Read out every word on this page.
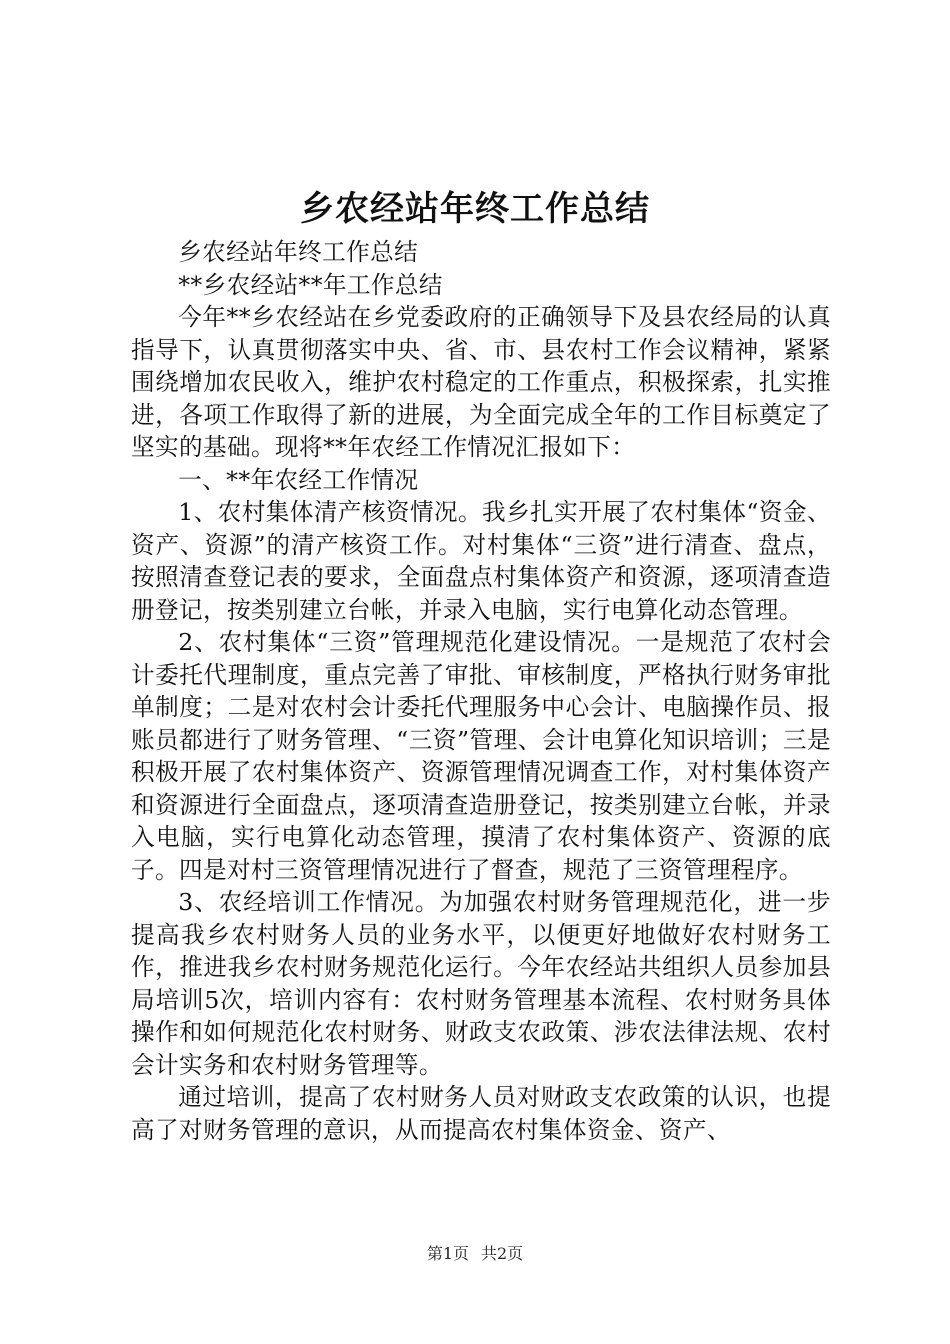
乡农经站年终工作总结

乡农经站年终工作总结

**乡农经站**年工作总结

今年**乡农经站在乡党委政府的正确领导下及县农经局的认真指导下，认真贯彻落实中央、省、市、县农村工作会议精神，紧紧围绕增加农民收入，维护农村稳定的工作重点，积极探索，扎实推进，各项工作取得了新的进展，为全面完成全年的工作目标奠定了坚实的基础。现将**年农经工作情况汇报如下：

一、**年农经工作情况

1、农村集体清产核资情况。我乡扎实开展了农村集体“资金、资产、资源”的清产核资工作。对村集体“三资”进行清查、盘点，按照清查登记表的要求，全面盘点村集体资产和资源，逐项清查造册登记，按类别建立台帐，并录入电脑，实行电算化动态管理。

2、农村集体“三资”管理规范化建设情况。一是规范了农村会计委托代理制度，重点完善了审批、审核制度，严格执行财务审批单制度；二是对农村会计委托代理服务中心会计、电脑操作员、报账员都进行了财务管理、“三资”管理、会计电算化知识培训；三是积极开展了农村集体资产、资源管理情况调查工作，对村集体资产和资源进行全面盘点，逐项清查造册登记，按类别建立台帐，并录入电脑，实行电算化动态管理，摸清了农村集体资产、资源的底子。四是对村三资管理情况进行了督查，规范了三资管理程序。

3、农经培训工作情况。为加强农村财务管理规范化，进一步提高我乡农村财务人员的业务水平，以便更好地做好农村财务工作，推进我乡农村财务规范化运行。今年农经站共组织人员参加县局培训5次，培训内容有：农村财务管理基本流程、农村财务具体操作和如何规范化农村财务、财政支农政策、涉农法律法规、农村会计实务和农村财务管理等。

通过培训，提高了农村财务人员对财政支农政策的认识，也提高了对财务管理的意识，从而提高农村集体资金、资产、

第1页 共2页
